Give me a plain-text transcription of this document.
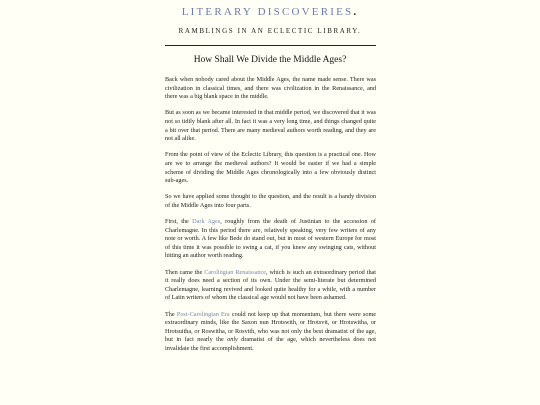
LITERARY DISCOVERIES.
RAMBLINGS IN AN ECLECTIC LIBRARY.
How Shall We Divide the Middle Ages?

Back when nobody cared about the Middle Ages, the name made sense. There was civilization in classical times, and there was civilization in the Renaissance, and there was a big blank space in the middle.

But as soon as we became interested in that middle period, we discovered that it was not so tidily blank after all. In fact it was a very long time, and things changed quite a bit over that period. There are many medieval authors worth reading, and they are not all alike.

From the point of view of the Eclectic Library, this question is a practical one. How are we to arrange the medieval authors? It would be easier if we had a simple scheme of dividing the Middle Ages chronologically into a few obviously distinct sub-ages.

So we have applied some thought to the question, and the result is a handy division of the Middle Ages into four parts.

First, the Dark Ages, roughly from the death of Justinian to the accession of Charlemagne. In this period there are, relatively speaking, very few writers of any note or worth. A few like Bede do stand out, but in most of western Europe for most of this time it was possible to swing a cat, if you knew any swinging cats, without hitting an author worth reading.

Then came the Carolingian Renaissance, which is such an extraordinary period that it really does need a section of its own. Under the semi-literate but determined Charlemagne, learning revived and looked quite healthy for a while, with a number of Latin writers of whom the classical age would not have been ashamed.

The Post-Carolingian Era could not keep up that momentum, but there were some extraordinary minds, like the Saxon nun Hrotswith, or Hrotsvit, or Hrotswitha, or Hrotsuitha, or Roswitha, or Rosvith, who was not only the best dramatist of the age, but in fact nearly the only dramatist of the age, which nevertheless does not invalidate the first accomplishment.
